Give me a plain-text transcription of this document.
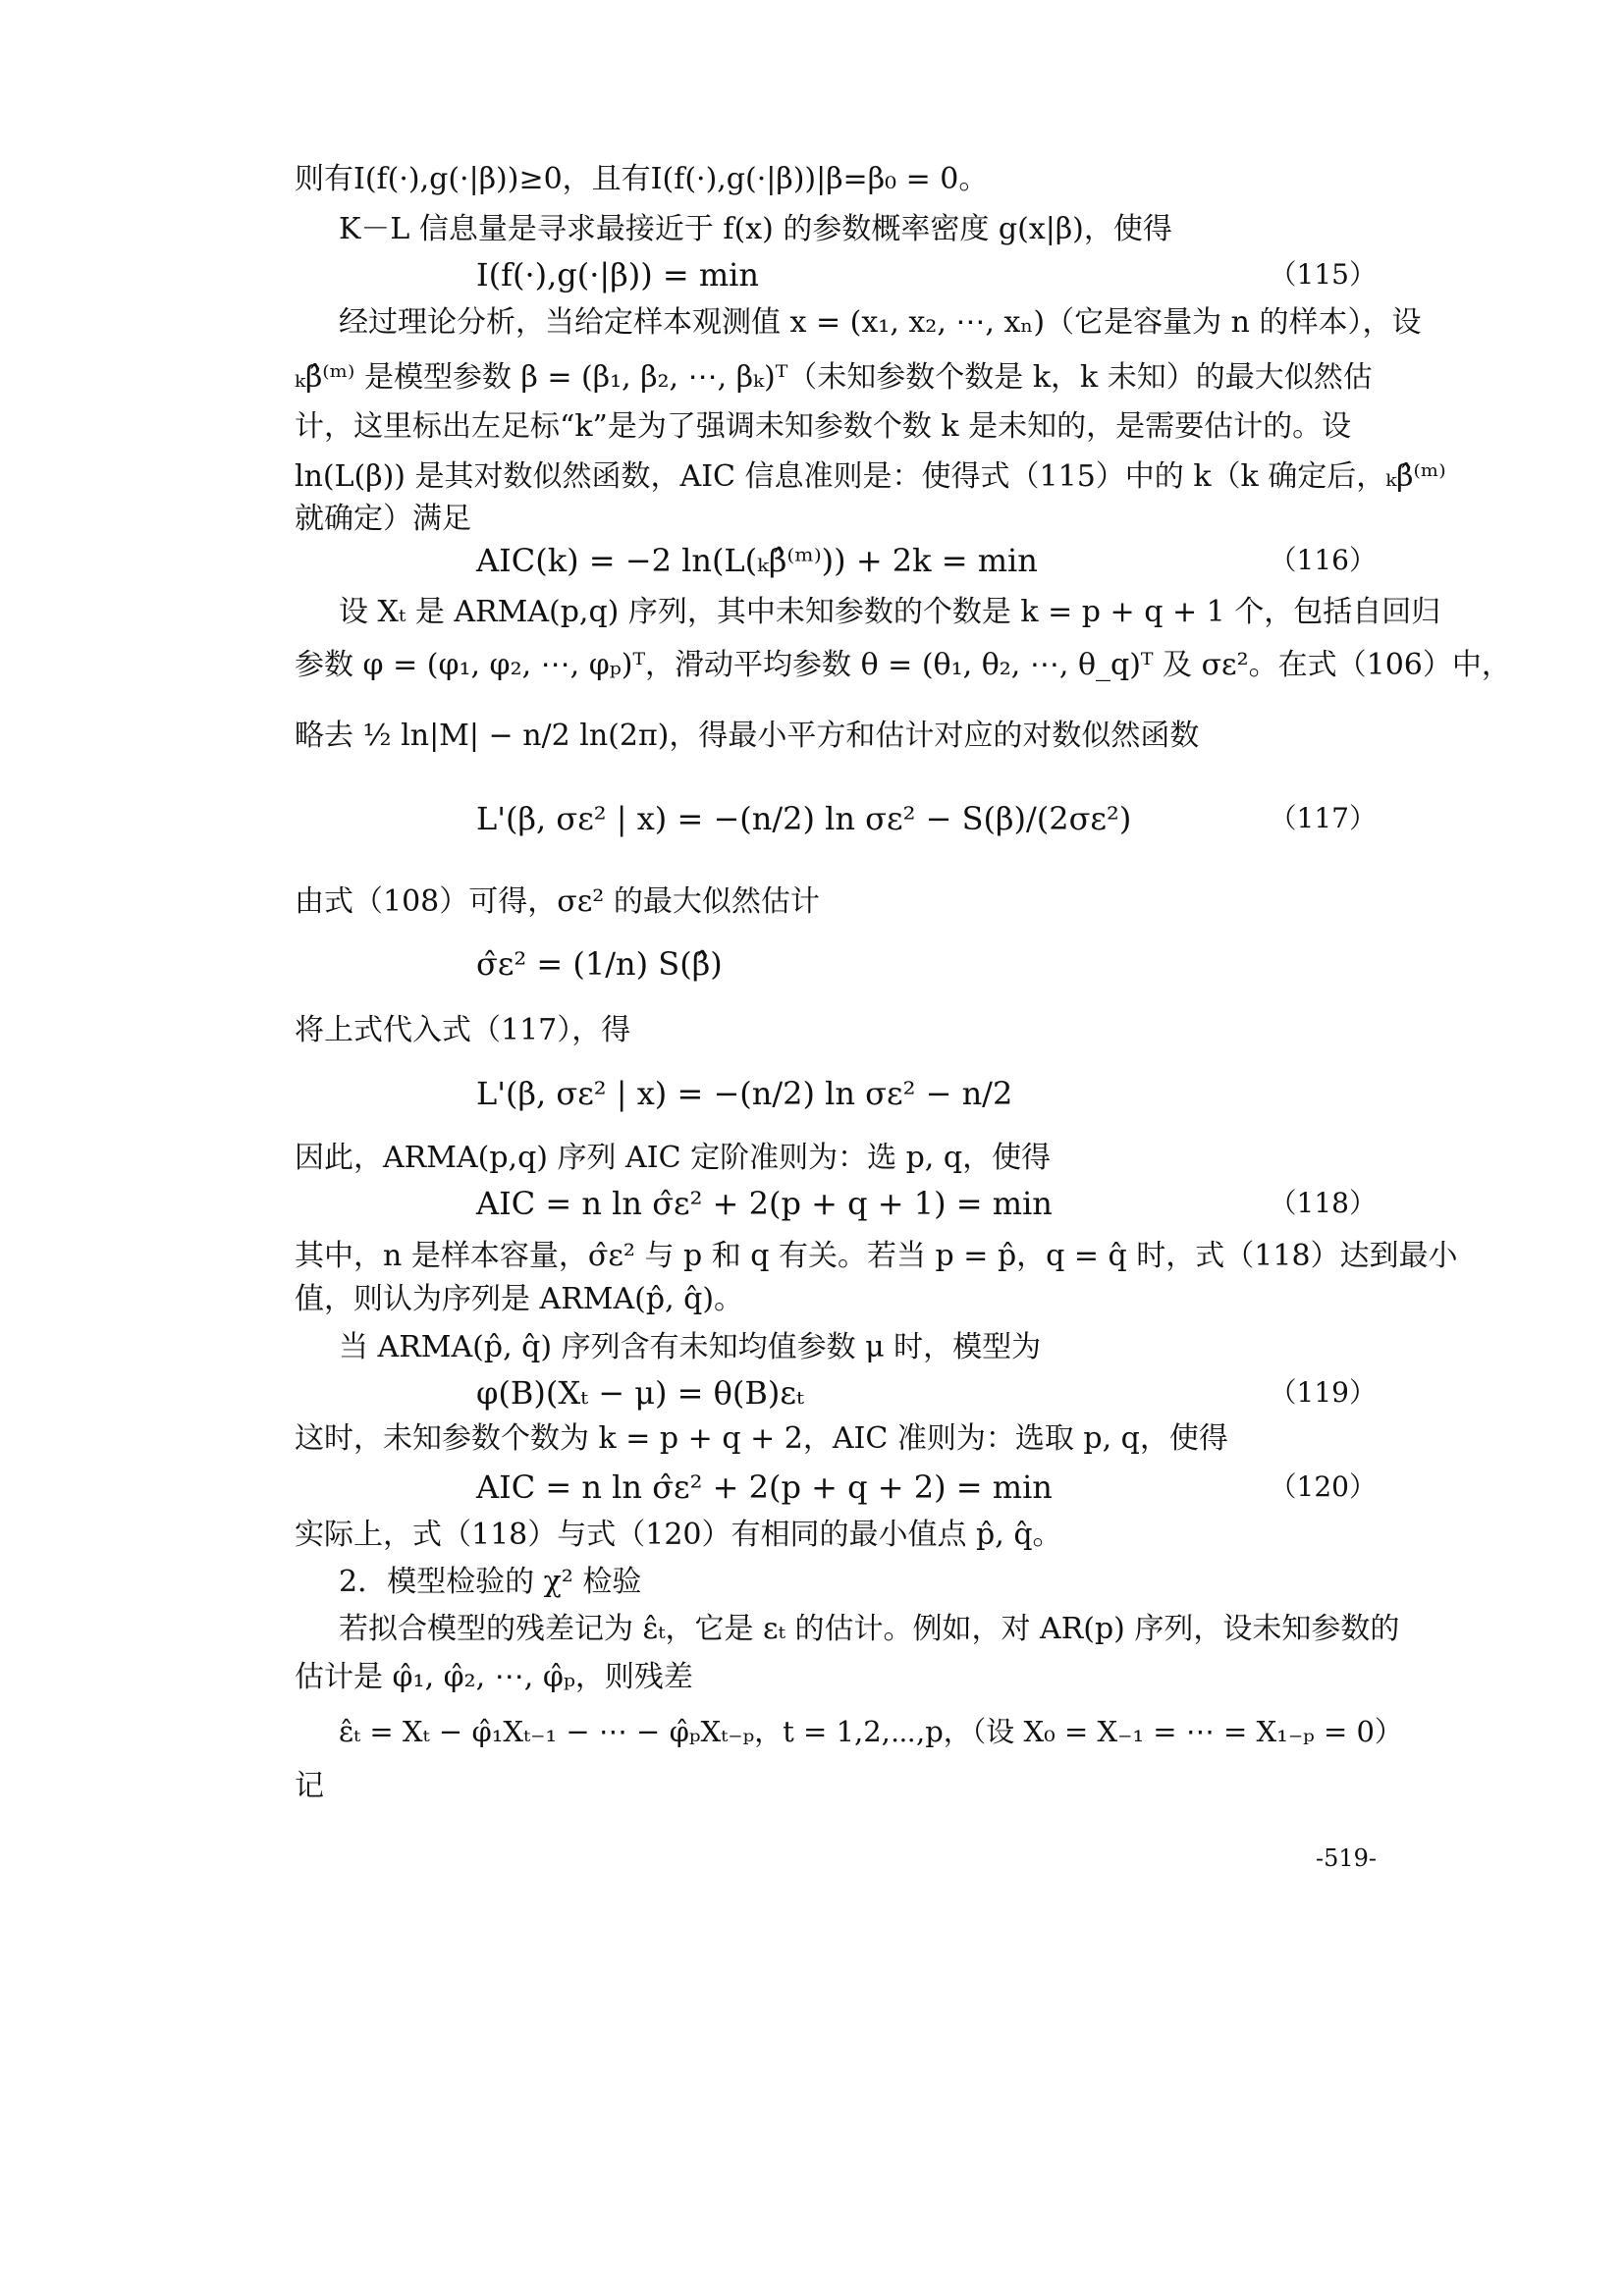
则有I(f(·),g(·|β))≥0，且有I(f(·),g(·|β))|β=β₀ = 0。
K－L 信息量是寻求最接近于 f(x) 的参数概率密度 g(x|β)，使得
I(f(·),g(·|β)) = min	（115）
经过理论分析，当给定样本观测值 x = (x₁, x₂, ⋯, xₙ)（它是容量为 n 的样本），设
ₖβ̂⁽ᵐ⁾ 是模型参数 β = (β₁, β₂, ⋯, βₖ)ᵀ（未知参数个数是 k，k 未知）的最大似然估
计，这里标出左足标“k”是为了强调未知参数个数 k 是未知的，是需要估计的。设
ln(L(β)) 是其对数似然函数，AIC 信息准则是：使得式（115）中的 k（k 确定后，ₖβ̂⁽ᵐ⁾
就确定）满足
AIC(k) = −2 ln(L(ₖβ̂⁽ᵐ⁾)) + 2k = min	（116）
设 Xₜ 是 ARMA(p,q) 序列，其中未知参数的个数是 k = p + q + 1 个，包括自回归
参数 φ = (φ₁, φ₂, ⋯, φₚ)ᵀ，滑动平均参数 θ = (θ₁, θ₂, ⋯, θ_q)ᵀ 及 σε²。在式（106）中，
略去 ½ ln|M| − n/2 ln(2π)，得最小平方和估计对应的对数似然函数
L'(β, σε² | x) = −(n/2) ln σε² − S(β)/(2σε²)	（117）
由式（108）可得，σε² 的最大似然估计
σ̂ε² = (1/n) S(β̂)
将上式代入式（117），得
L'(β, σε² | x) = −(n/2) ln σε² − n/2
因此，ARMA(p,q) 序列 AIC 定阶准则为：选 p, q，使得
AIC = n ln σ̂ε² + 2(p + q + 1) = min	（118）
其中，n 是样本容量，σ̂ε² 与 p 和 q 有关。若当 p = p̂，q = q̂ 时，式（118）达到最小
值，则认为序列是 ARMA(p̂, q̂)。
当 ARMA(p̂, q̂) 序列含有未知均值参数 μ 时，模型为
φ(B)(Xₜ − μ) = θ(B)εₜ	（119）
这时，未知参数个数为 k = p + q + 2，AIC 准则为：选取 p, q，使得
AIC = n ln σ̂ε² + 2(p + q + 2) = min	（120）
实际上，式（118）与式（120）有相同的最小值点 p̂, q̂。
2．模型检验的 χ² 检验
若拟合模型的残差记为 ε̂ₜ，它是 εₜ 的估计。例如，对 AR(p) 序列，设未知参数的
估计是 φ̂₁, φ̂₂, ⋯, φ̂ₚ，则残差
ε̂ₜ = Xₜ − φ̂₁Xₜ₋₁ − ⋯ − φ̂ₚXₜ₋ₚ，t = 1,2,⋯,p，（设 X₀ = X₋₁ = ⋯ = X₁₋ₚ = 0）
记
-519-
